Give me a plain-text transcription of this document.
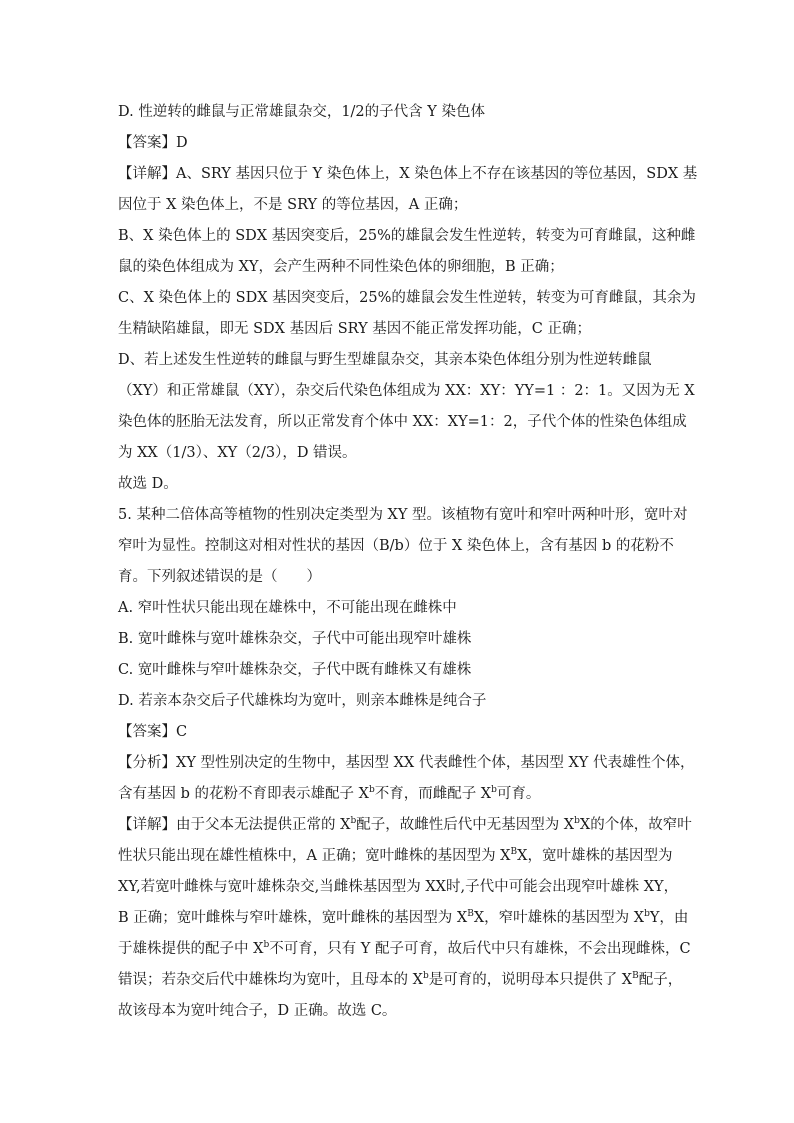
D. 性逆转的雌鼠与正常雄鼠杂交，1/2的子代含 Y 染色体
【答案】D
【详解】A、SRY 基因只位于 Y 染色体上，X 染色体上不存在该基因的等位基因，SDX 基
因位于 X 染色体上，不是 SRY 的等位基因，A 正确；
B、X 染色体上的 SDX 基因突变后，25%的雄鼠会发生性逆转，转变为可育雌鼠，这种雌
鼠的染色体组成为 XY，会产生两种不同性染色体的卵细胞，B 正确；
C、X 染色体上的 SDX 基因突变后，25%的雄鼠会发生性逆转，转变为可育雌鼠，其余为
生精缺陷雄鼠，即无 SDX 基因后 SRY 基因不能正常发挥功能，C 正确；
D、若上述发生性逆转的雌鼠与野生型雄鼠杂交，其亲本染色体组分别为性逆转雌鼠
（XY）和正常雄鼠（XY），杂交后代染色体组成为 XX：XY：YY=1 ：2：1。又因为无 X
染色体的胚胎无法发育，所以正常发育个体中 XX：XY=1：2，子代个体的性染色体组成
为 XX（1/3）、XY（2/3），D 错误。
故选 D。
5. 某种二倍体高等植物的性别决定类型为 XY 型。该植物有宽叶和窄叶两种叶形，宽叶对
窄叶为显性。控制这对相对性状的基因（B/b）位于 X 染色体上，含有基因 b 的花粉不
育。下列叙述错误的是（　　）
A. 窄叶性状只能出现在雄株中，不可能出现在雌株中
B. 宽叶雌株与宽叶雄株杂交，子代中可能出现窄叶雄株
C. 宽叶雌株与窄叶雄株杂交，子代中既有雌株又有雄株
D. 若亲本杂交后子代雄株均为宽叶，则亲本雌株是纯合子
【答案】C
【分析】XY 型性别决定的生物中，基因型 XX 代表雌性个体，基因型 XY 代表雄性个体，
含有基因 b 的花粉不育即表示雄配子 $X^b$不育，而雌配子 $X^b$可育。
【详解】由于父本无法提供正常的 $X^b$配子，故雌性后代中无基因型为 $X^bX$的个体，故窄叶
性状只能出现在雄性植株中，A 正确；宽叶雌株的基因型为 $X^BX$，宽叶雄株的基因型为
XY,若宽叶雌株与宽叶雄株杂交,当雌株基因型为 XX时,子代中可能会出现窄叶雄株 XY，
B 正确；宽叶雌株与窄叶雄株，宽叶雌株的基因型为 $X^BX$，窄叶雄株的基因型为 $X^bY$，由
于雄株提供的配子中 $X^b$不可育，只有 Y 配子可育，故后代中只有雄株，不会出现雌株，C
错误；若杂交后代中雄株均为宽叶，且母本的 $X^b$是可育的，说明母本只提供了 $X^B$配子，
故该母本为宽叶纯合子，D 正确。故选 C。
